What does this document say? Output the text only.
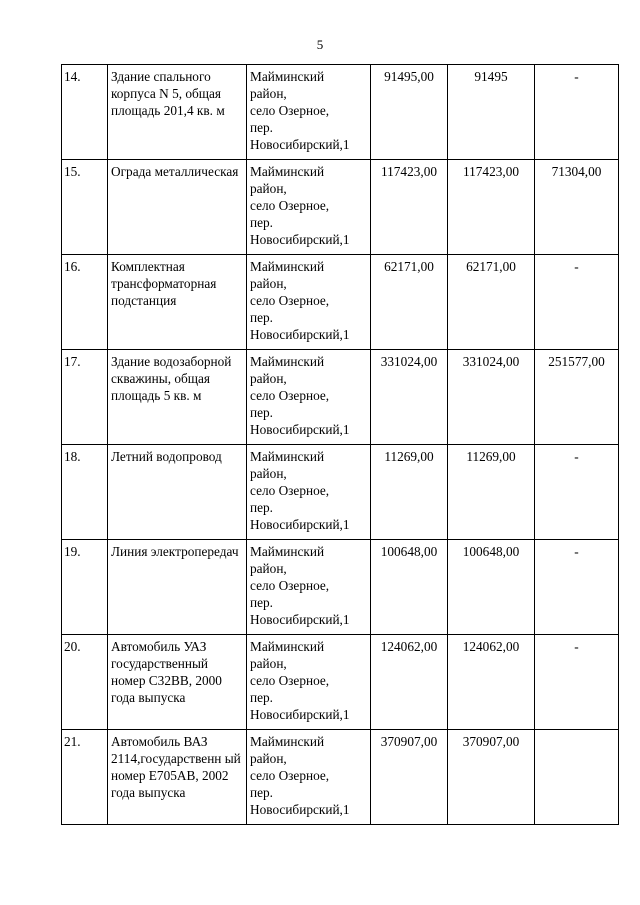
5
14.	Здание спального корпуса N 5, общая площадь 201,4 кв. м	Майминский
район,
село Озерное,
пер.
Новосибирский,1	91495,00	91495	-
15.	Ограда металлическая	Майминский
район,
село Озерное,
пер.
Новосибирский,1	117423,00	117423,00	71304,00
16.	Комплектная трансформаторная подстанция	Майминский
район,
село Озерное,
пер.
Новосибирский,1	62171,00	62171,00	-
17.	Здание водозаборной скважины, общая площадь 5 кв. м	Майминский
район,
село Озерное,
пер.
Новосибирский,1	331024,00	331024,00	251577,00
18.	Летний водопровод	Майминский
район,
село Озерное,
пер.
Новосибирский,1	11269,00	11269,00	-
19.	Линия электропередач	Майминский
район,
село Озерное,
пер.
Новосибирский,1	100648,00	100648,00	-
20.	Автомобиль УАЗ государственный номер С32ВВ, 2000 года выпуска	Майминский
район,
село Озерное,
пер.
Новосибирский,1	124062,00	124062,00	-
21.	Автомобиль ВАЗ 2114,государственн ый номер Е705АВ, 2002 года выпуска	Майминский
район,
село Озерное,
пер.
Новосибирский,1	370907,00	370907,00	
